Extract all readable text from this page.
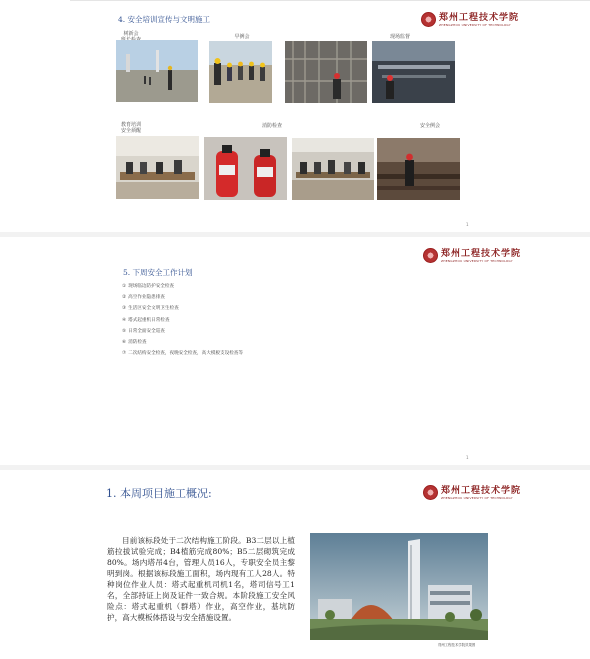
4. 安全培训宣传与文明施工	郑州工程技术学院
ZHENGZHOU UNIVERSITY OF TECHNOLOGY
树新会	早例会	现场监督
教育培训
安全须醒
消防检查	安全例会
1
郑州工程技术学院
ZHENGZHOU UNIVERSITY OF TECHNOLOGY
5. 下周安全工作计划
1
① 现场临边防护安全检查
② 高空作业隐患排查
③ 生活区安全文明卫生检查
④ 塔式起重机日常检查
⑤ 日常全面安全巡查
⑥ 消防检查
⑦ 二次结构安全检查，夜晚安全检查，高大模板支设检查等
1. 本周项目施工概况:	郑州工程技术学院
ZHENGZHOU UNIVERSITY OF TECHNOLOGY
郑州工程技术学院效果图
目前该标段处于二次结构施工阶段。B3二层以上植筋拉拔试验完成；B4植筋完成80%；B5二层砌筑完成80%。场内塔吊4台，管理人员16人，专职安全员主黎明到岗。根据该标段施工面积，场内现有工人28人。特种岗位作业人员：塔式起重机司机1名，塔司信号工1名，全部持证上岗及证件一致合规。本阶段施工安全风险点：塔式起重机（群塔）作业，高空作业，基坑防护，高大模板体搭设与安全措施设置。
